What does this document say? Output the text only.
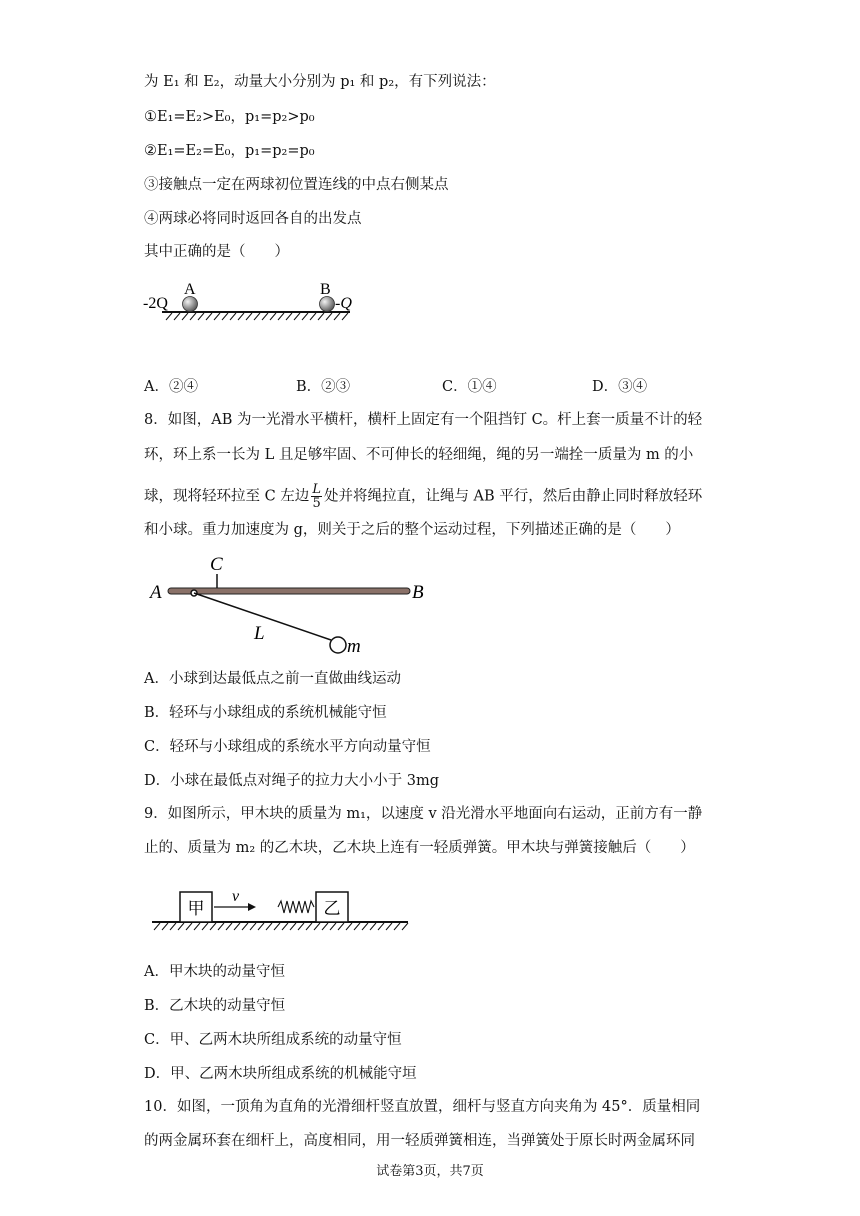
为 E₁ 和 E₂，动量大小分别为 p₁ 和 p₂，有下列说法：
①E₁=E₂>E₀，p₁=p₂>p₀
②E₁=E₂=E₀，p₁=p₂=p₀
③接触点一定在两球初位置连线的中点右侧某点
④两球必将同时返回各自的出发点
其中正确的是（　　）
-2Q
A	B
-Q
A．②④	B．②③	C．①④	D．③④
8．如图，AB 为一光滑水平横杆，横杆上固定有一个阻挡钉 C。杆上套一质量不计的轻
环，环上系一长为 L 且足够牢固、不可伸长的轻细绳，绳的另一端拴一质量为 m 的小
球，现将轻环拉至 C 左边 $\frac{L}{5}$ 处并将绳拉直，让绳与 AB 平行，然后由静止同时释放轻环
和小球。重力加速度为 g，则关于之后的整个运动过程，下列描述正确的是（　　）
A	B
C
L
m
A．小球到达最低点之前一直做曲线运动
B．轻环与小球组成的系统机械能守恒
C．轻环与小球组成的系统水平方向动量守恒
D．小球在最低点对绳子的拉力大小小于 3mg
9．如图所示，甲木块的质量为 m₁，以速度 v 沿光滑水平地面向右运动，正前方有一静
止的、质量为 m₂ 的乙木块，乙木块上连有一轻质弹簧。甲木块与弹簧接触后（　　）
甲
v
乙
A．甲木块的动量守恒
B．乙木块的动量守恒
C．甲、乙两木块所组成系统的动量守恒
D．甲、乙两木块所组成系统的机械能守垣
10．如图，一顶角为直角的光滑细杆竖直放置，细杆与竖直方向夹角为 45°．质量相同
的两金属环套在细杆上，高度相同，用一轻质弹簧相连，当弹簧处于原长时两金属环同
试卷第3页，共7页
